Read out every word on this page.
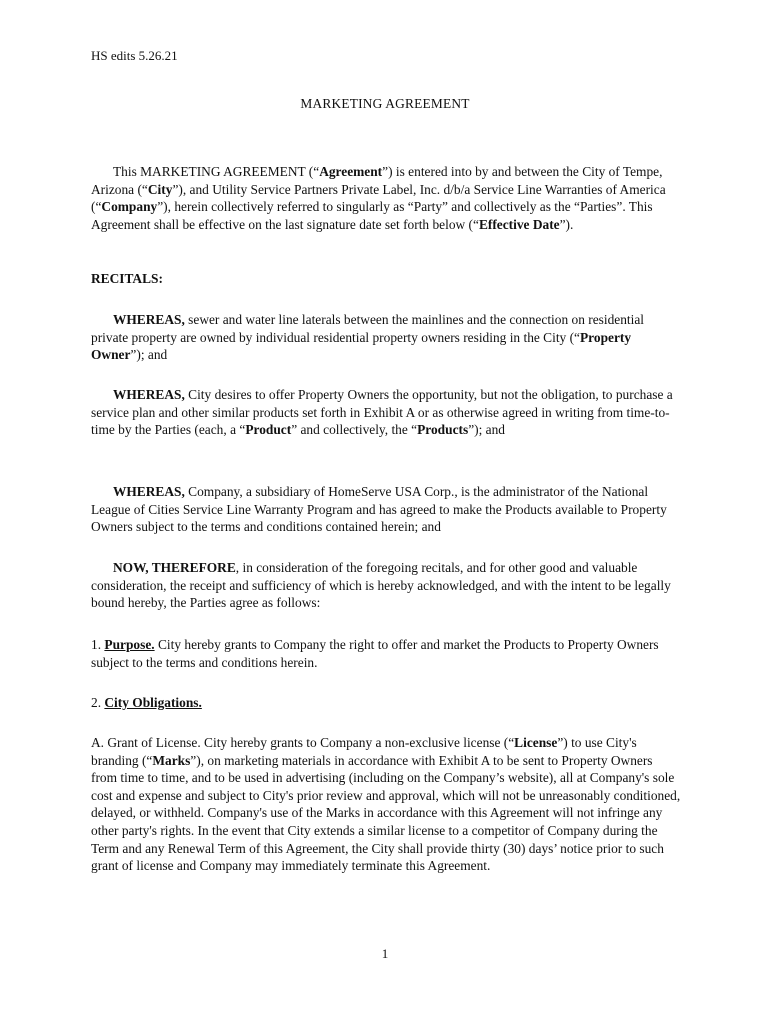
HS edits 5.26.21
MARKETING AGREEMENT
This MARKETING AGREEMENT (“Agreement”) is entered into by and between the City of Tempe, Arizona (“City”), and Utility Service Partners Private Label, Inc. d/b/a Service Line Warranties of America (“Company”), herein collectively referred to singularly as “Party” and collectively as the “Parties”. This Agreement shall be effective on the last signature date set forth below (“Effective Date”).
RECITALS:
WHEREAS, sewer and water line laterals between the mainlines and the connection on residential private property are owned by individual residential property owners residing in the City (“Property Owner”); and
WHEREAS, City desires to offer Property Owners the opportunity, but not the obligation, to purchase a service plan and other similar products set forth in Exhibit A or as otherwise agreed in writing from time-to-time by the Parties (each, a “Product” and collectively, the “Products”); and
WHEREAS, Company, a subsidiary of HomeServe USA Corp., is the administrator of the National League of Cities Service Line Warranty Program and has agreed to make the Products available to Property Owners subject to the terms and conditions contained herein; and
NOW, THEREFORE, in consideration of the foregoing recitals, and for other good and valuable consideration, the receipt and sufficiency of which is hereby acknowledged, and with the intent to be legally bound hereby, the Parties agree as follows:
1. Purpose. City hereby grants to Company the right to offer and market the Products to Property Owners subject to the terms and conditions herein.
2. City Obligations.
A. Grant of License. City hereby grants to Company a non-exclusive license (“License”) to use City's branding (“Marks”), on marketing materials in accordance with Exhibit A to be sent to Property Owners from time to time, and to be used in advertising (including on the Company’s website), all at Company's sole cost and expense and subject to City's prior review and approval, which will not be unreasonably conditioned, delayed, or withheld. Company's use of the Marks in accordance with this Agreement will not infringe any other party's rights. In the event that City extends a similar license to a competitor of Company during the Term and any Renewal Term of this Agreement, the City shall provide thirty (30) days’ notice prior to such grant of license and Company may immediately terminate this Agreement.
1
